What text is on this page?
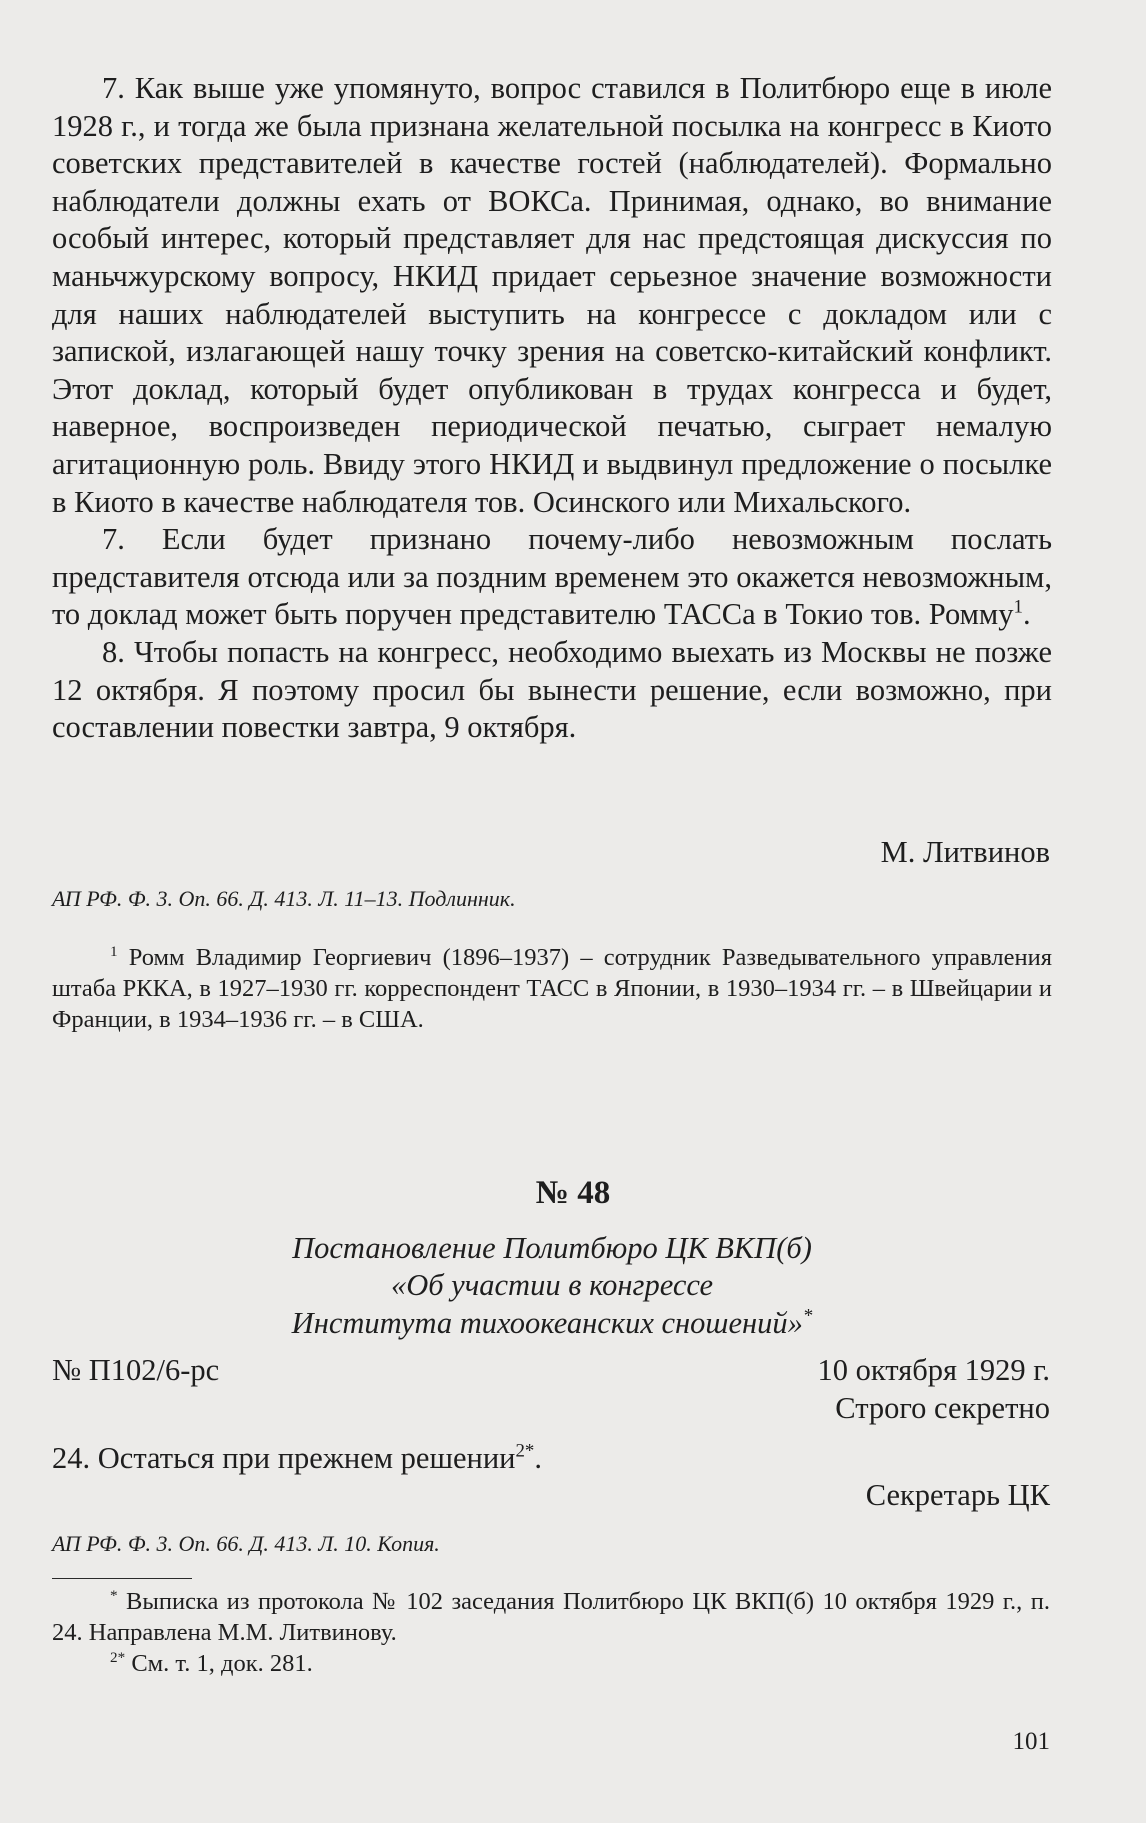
7. Как выше уже упомянуто, вопрос ставился в Политбюро еще в июле 1928 г., и тогда же была признана желательной посылка на конгресс в Киото советских представителей в качестве гостей (наблюдателей). Формально наблюдатели должны ехать от ВОКСа. Принимая, однако, во внимание особый интерес, который представляет для нас предстоящая дискуссия по маньчжурскому вопросу, НКИД придает серьезное значение возможности для наших наблюдателей выступить на конгрессе с докладом или с запиской, излагающей нашу точку зрения на советско-китайский конфликт. Этот доклад, который будет опубликован в трудах конгресса и будет, наверное, воспроизведен периодической печатью, сыграет немалую агитационную роль. Ввиду этого НКИД и выдвинул предложение о посылке в Киото в качестве наблюдателя тов. Осинского или Михальского.

7. Если будет признано почему-либо невозможным послать представителя отсюда или за поздним временем это окажется невозможным, то доклад может быть поручен представителю ТАССа в Токио тов. Ромму$^1$.

8. Чтобы попасть на конгресс, необходимо выехать из Москвы не позже 12 октября. Я поэтому просил бы вынести решение, если возможно, при составлении повестки завтра, 9 октября.

М. Литвинов
АП РФ. Ф. 3. Оп. 66. Д. 413. Л. 11–13. Подлинник.

$^1$ Ромм Владимир Георгиевич (1896–1937) – сотрудник Разведывательного управления штаба РККА, в 1927–1930 гг. корреспондент ТАСС в Японии, в 1930–1934 гг. – в Швейцарии и Франции, в 1934–1936 гг. – в США.

№ 48
Постановление Политбюро ЦК ВКП(б)
«Об участии в конгрессе
Института тихоокеанских сношений»*
№ П102/6-рс	10 октября 1929 г.
Строго секретно
24. Остаться при прежнем решении$^{2*}$.
Секретарь ЦК
АП РФ. Ф. 3. Оп. 66. Д. 413. Л. 10. Копия.

* Выписка из протокола № 102 заседания Политбюро ЦК ВКП(б) 10 октября 1929 г., п. 24. Направлена М.М. Литвинову.

$^{2*}$ См. т. 1, док. 281.

101
